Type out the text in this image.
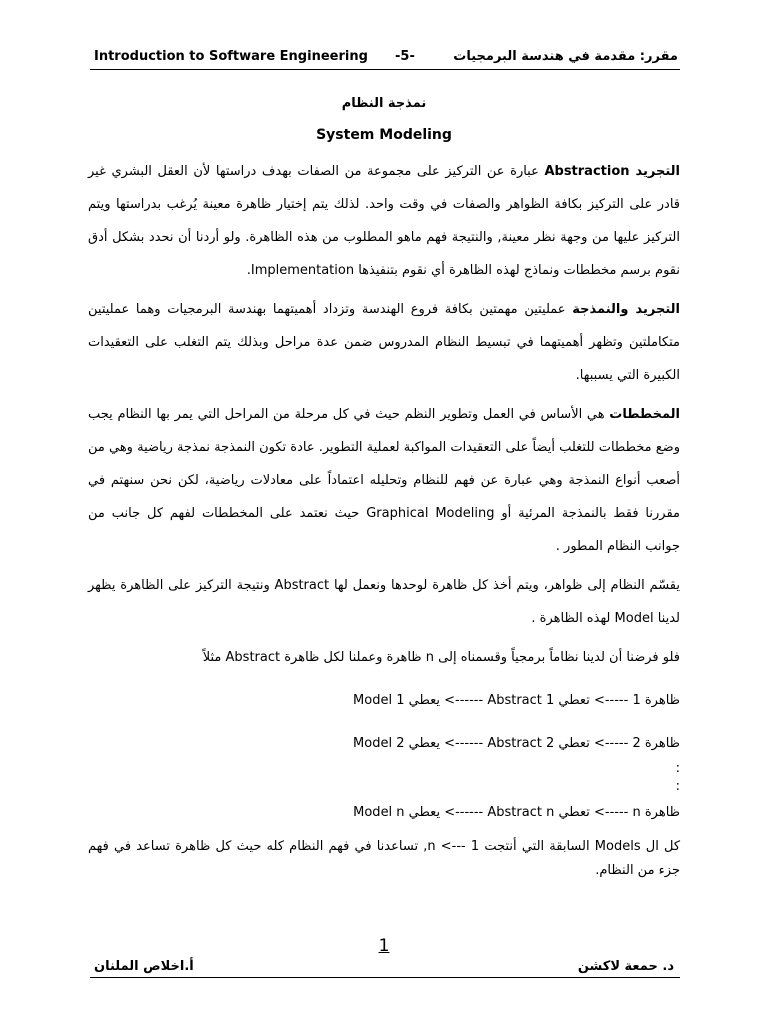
Introduction to Software Engineering -5-	مقرر: مقدمة في هندسة البرمجيات
نمذجة النظام
System Modeling

التجريد Abstraction عبارة عن التركيز على مجموعة من الصفات بهدف دراستها لأن العقل البشري غير قادر على التركيز بكافة الظواهر والصفات في وقت واحد. لذلك يتم إختيار ظاهرة معينة يُرغب بدراستها ويتم التركيز عليها من وجهة نظر معينة, والنتيجة فهم ماهو المطلوب من هذه الظاهرة. ولو أردنا أن نحدد بشكل أدق نقوم برسم مخططات ونماذج لهذه الظاهرة أي نقوم بتنفيذها Implementation.

التجريد والنمذجة عمليتين مهمتين بكافة فروع الهندسة وتزداد أهميتهما بهندسة البرمجيات وهما عمليتين متكاملتين وتظهر أهميتهما في تبسيط النظام المدروس ضمن عدة مراحل وبذلك يتم التغلب على التعقيدات الكبيرة التي يسببها.

المخططات هي الأساس في العمل وتطوير النظم حيث في كل مرحلة من المراحل التي يمر بها النظام يجب وضع مخططات للتغلب أيضاً على التعقيدات المواكبة لعملية التطوير. عادة تكون النمذجة نمذجة رياضية وهي من أصعب أنواع النمذجة وهي عبارة عن فهم للنظام وتحليله اعتماداً على معادلات رياضية، لكن نحن سنهتم في مقررنا فقط بالنمذجة المرئية أو Graphical Modeling حيث نعتمد على المخططات لفهم كل جانب من جوانب النظام المطور .

يقسّم النظام إلى ظواهر، ويتم أخذ كل ظاهرة لوحدها ونعمل لها Abstract ونتيجة التركيز على الظاهرة يظهر لدينا Model لهذه الظاهرة .

فلو فرضنا أن لدينا نظاماً برمجياً وقسمناه إلى n ظاهرة وعملنا لكل ظاهرة Abstract مثلاً

ظاهرة 1 -----> تعطي Abstract 1 ------> يعطي Model 1

ظاهرة 2 -----> تعطي Abstract 2 ------> يعطي Model 2

:

:

ظاهرة n -----> تعطي Abstract n ------> يعطي Model n

كل ال Models السابقة التي أنتجت 1 ---> n, تساعدنا في فهم النظام كله حيث كل ظاهرة تساعد في فهم جزء من النظام.

1
د. حمعة لاكشن
أ.اخلاص الملنان
